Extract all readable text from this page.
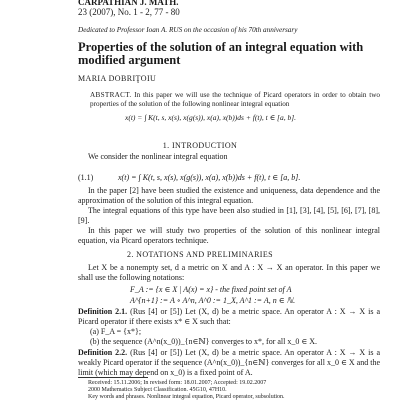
CARPATHIAN J. MATH.
23 (2007), No. 1 - 2, 77 - 80
Dedicated to Professor Ioan A. RUS on the occasion of his 70th anniversary
Properties of the solution of an integral equation with modified argument
MARIA DOBRIŢOIU
ABSTRACT. In this paper we will use the technique of Picard operators in order to obtain two properties of the solution of the following nonlinear integral equation
x(t) = ∫ K(t, s, x(s), x(g(s)), x(a), x(b))ds + f(t), t ∈ [a, b].
1. INTRODUCTION
We consider the nonlinear integral equation
(1.1)	x(t) = ∫ K(t, s, x(s), x(g(s)), x(a), x(b))ds + f(t), t ∈ [a, b].
In the paper [2] have been studied the existence and uniqueness, data dependence and the approximation of the solution of this integral equation.
The integral equations of this type have been also studied in [1], [3], [4], [5], [6], [7], [8], [9].
In this paper we will study two properties of the solution of this nonlinear integral equation, via Picard operators technique.
2. NOTATIONS AND PRELIMINARIES
Let X be a nonempty set, d a metric on X and A : X → X an operator. In this paper we shall use the following notations:
F_A := {x ∈ X | A(x) = x} - the fixed point set of A
A^{n+1} := A ∘ A^n, A^0 := 1_X, A^1 := A, n ∈ ℕ.
Definition 2.1. (Rus [4] or [5]) Let (X, d) be a metric space. An operator A : X → X is a Picard operator if there exists x* ∈ X such that:
(a) F_A = {x*};
(b) the sequence (A^n(x_0))_{n∈ℕ} converges to x*, for all x_0 ∈ X.
Definition 2.2. (Rus [4] or [5]) Let (X, d) be a metric space. An operator A : X → X is a weakly Picard operator if the sequence (A^n(x_0))_{n∈ℕ} converges for all x_0 ∈ X and the limit (which may depend on x_0) is a fixed point of A.
Received: 15.11.2006; In revised form: 18.01.2007; Accepted: 19.02.2007
2000 Mathematics Subject Classification. 45G10, 47H10.
Key words and phrases. Nonlinear integral equation, Picard operator, subsolution.
